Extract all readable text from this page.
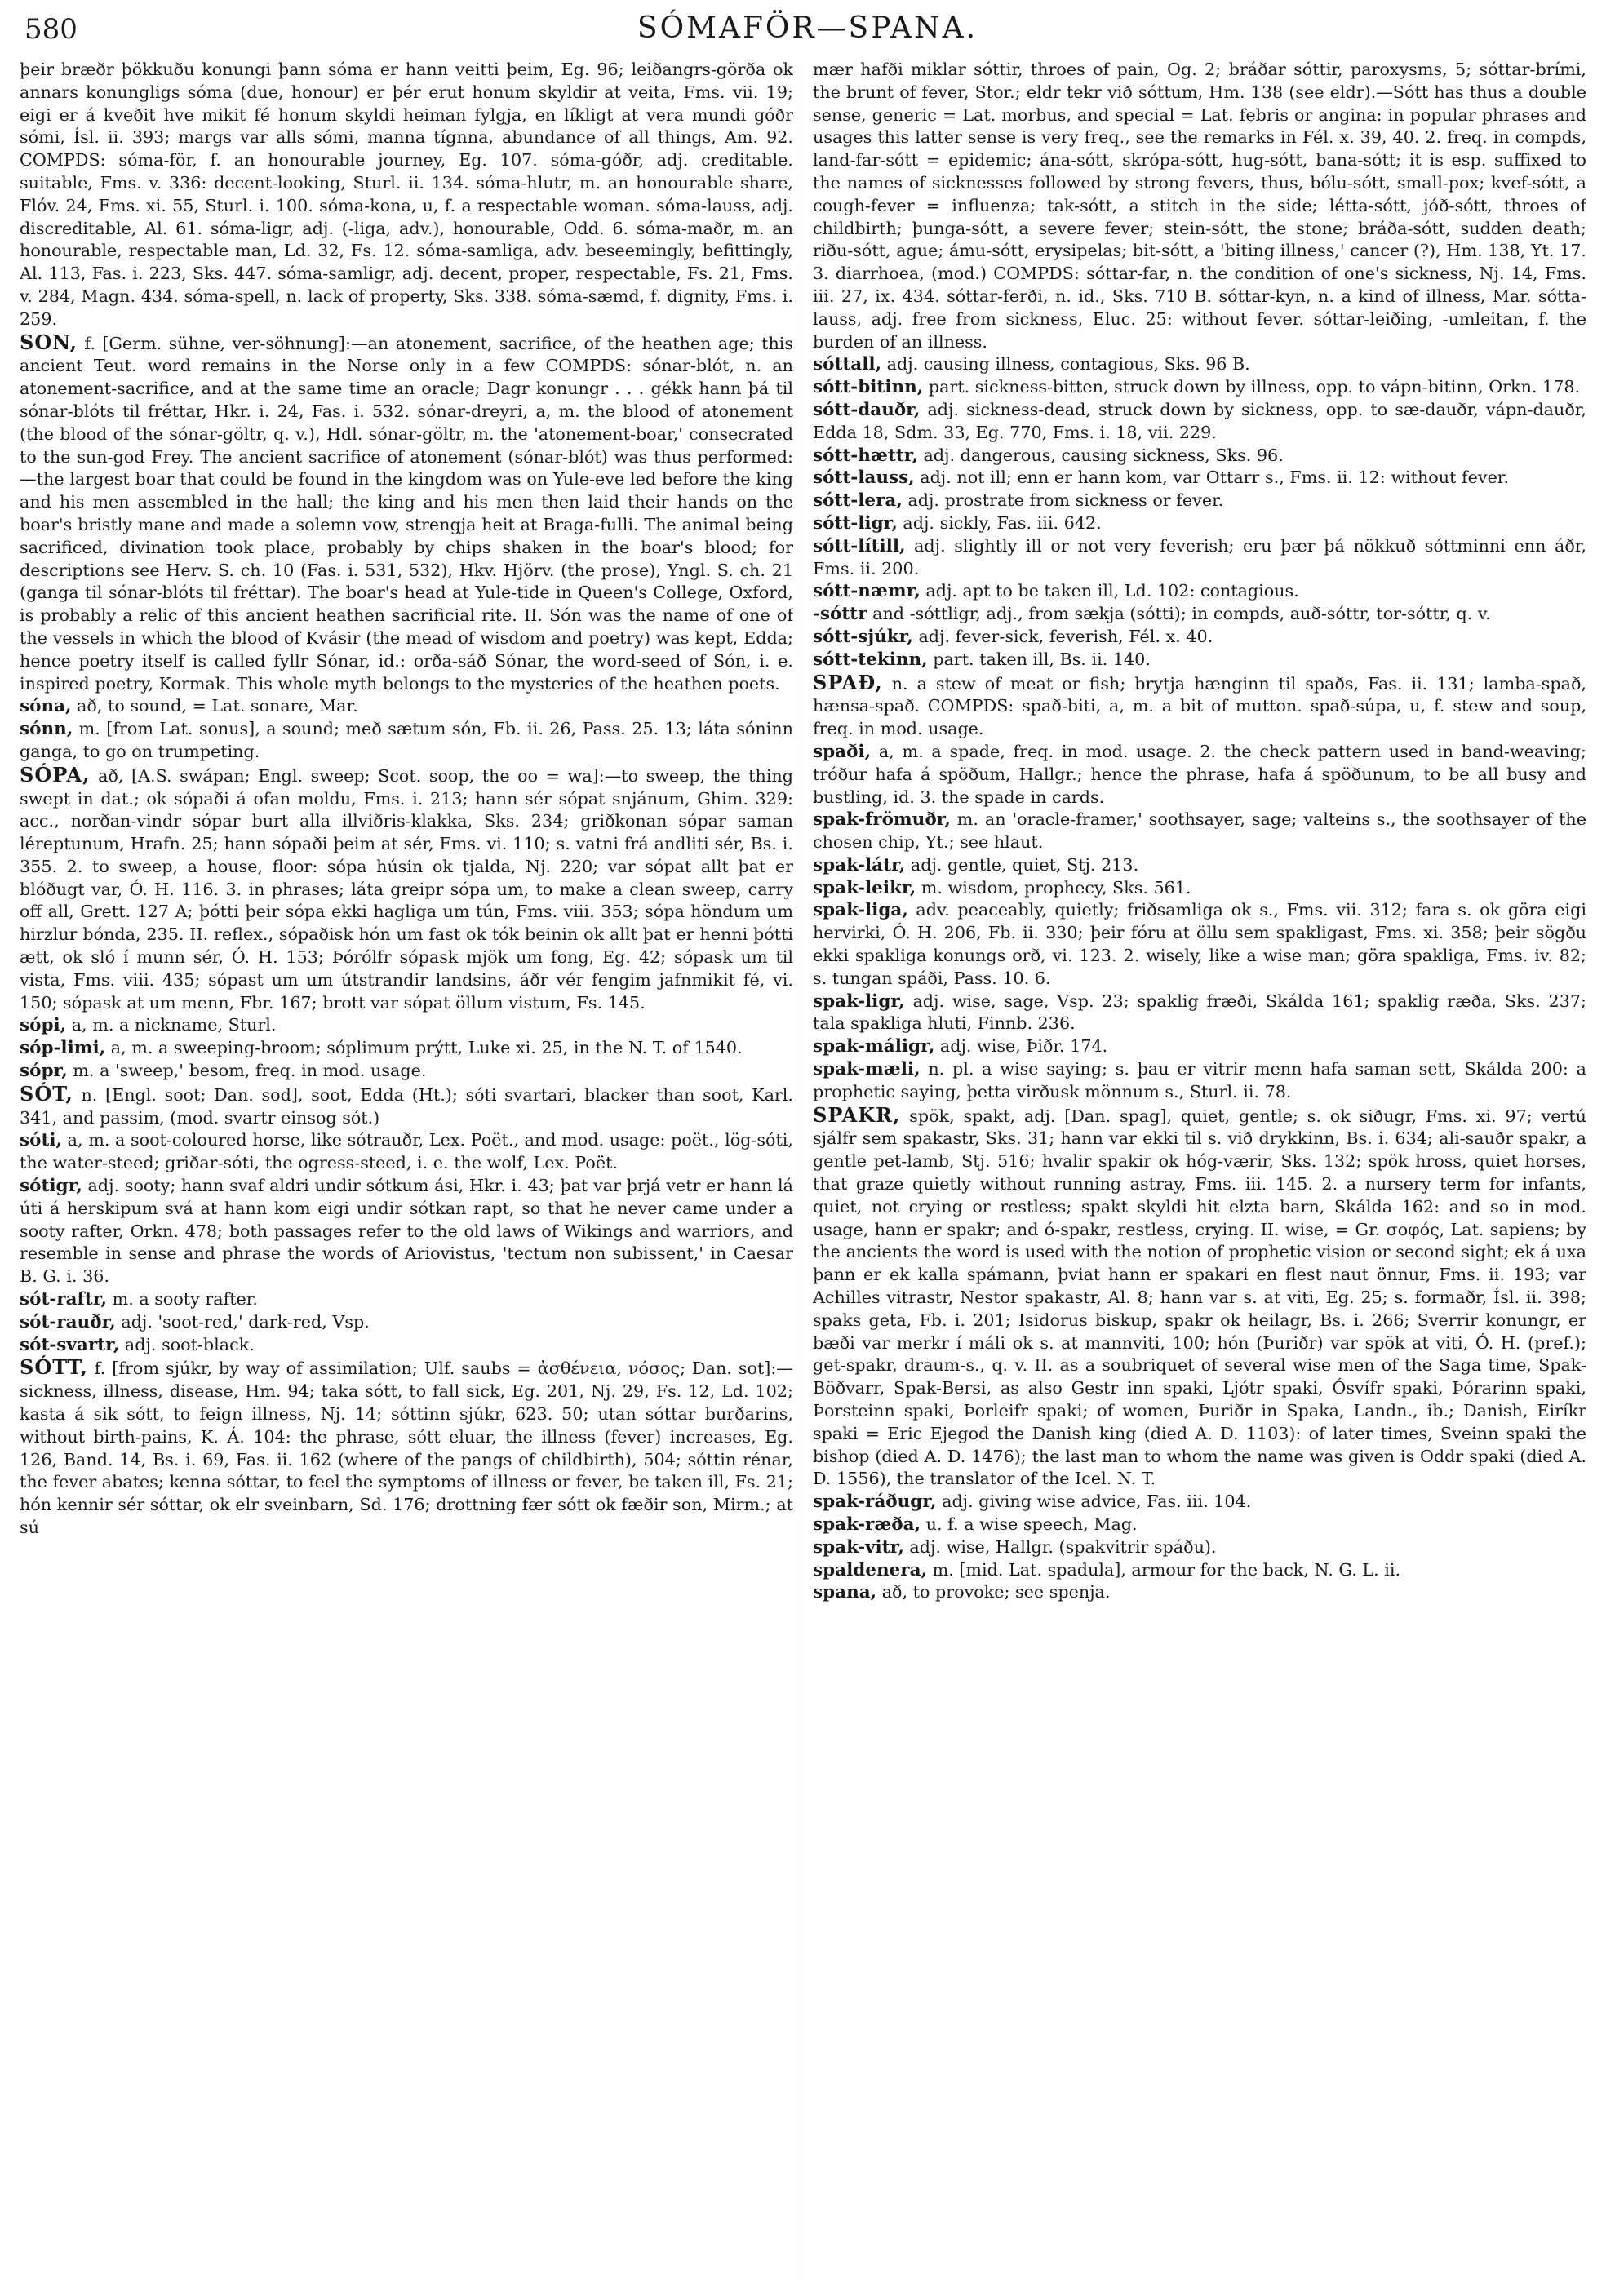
580	SÓMAFÖR—SPANA.

þeir bræðr þökkuðu konungi þann sóma er hann veitti þeim, Eg. 96; leiðangrs-görða ok annars konungligs sóma (due, honour) er þér erut honum skyldir at veita, Fms. vii. 19; eigi er á kveðit hve mikit fé honum skyldi heiman fylgja, en líkligt at vera mundi góðr sómi, Ísl. ii. 393; margs var alls sómi, manna tígnna, abundance of all things, Am. 92. COMPDS: sóma-för, f. an honourable journey, Eg. 107. sóma-góðr, adj. creditable. suitable, Fms. v. 336: decent-looking, Sturl. ii. 134. sóma-hlutr, m. an honourable share, Flóv. 24, Fms. xi. 55, Sturl. i. 100. sóma-kona, u, f. a respectable woman. sóma-lauss, adj. discreditable, Al. 61. sóma-ligr, adj. (-liga, adv.), honourable, Odd. 6. sóma-maðr, m. an honourable, respectable man, Ld. 32, Fs. 12. sóma-samliga, adv. beseemingly, befittingly, Al. 113, Fas. i. 223, Sks. 447. sóma-samligr, adj. decent, proper, respectable, Fs. 21, Fms. v. 284, Magn. 434. sóma-spell, n. lack of property, Sks. 338. sóma-sæmd, f. dignity, Fms. i. 259.

SON, f. [Germ. sühne, ver-söhnung]:—an atonement, sacrifice, of the heathen age; this ancient Teut. word remains in the Norse only in a few COMPDS: sónar-blót, n. an atonement-sacrifice, and at the same time an oracle; Dagr konungr . . . gékk hann þá til sónar-blóts til fréttar, Hkr. i. 24, Fas. i. 532. sónar-dreyri, a, m. the blood of atonement (the blood of the sónar-göltr, q. v.), Hdl. sónar-göltr, m. the 'atonement-boar,' consecrated to the sun-god Frey. The ancient sacrifice of atonement (sónar-blót) was thus performed:—the largest boar that could be found in the kingdom was on Yule-eve led before the king and his men assembled in the hall; the king and his men then laid their hands on the boar's bristly mane and made a solemn vow, strengja heit at Braga-fulli. The animal being sacrificed, divination took place, probably by chips shaken in the boar's blood; for descriptions see Herv. S. ch. 10 (Fas. i. 531, 532), Hkv. Hjörv. (the prose), Yngl. S. ch. 21 (ganga til sónar-blóts til fréttar). The boar's head at Yule-tide in Queen's College, Oxford, is probably a relic of this ancient heathen sacrificial rite. II. Són was the name of one of the vessels in which the blood of Kvásir (the mead of wisdom and poetry) was kept, Edda; hence poetry itself is called fyllr Sónar, id.: orða-sáð Sónar, the word-seed of Són, i. e. inspired poetry, Kormak. This whole myth belongs to the mysteries of the heathen poets.

sóna, að, to sound, = Lat. sonare, Mar.

sónn, m. [from Lat. sonus], a sound; með sætum són, Fb. ii. 26, Pass. 25. 13; láta sóninn ganga, to go on trumpeting.

SÓPA, að, [A.S. swápan; Engl. sweep; Scot. soop, the oo = wa]:—to sweep, the thing swept in dat.; ok sópaði á ofan moldu, Fms. i. 213; hann sér sópat snjánum, Ghim. 329: acc., norðan-vindr sópar burt alla illviðris-klakka, Sks. 234; griðkonan sópar saman léreptunum, Hrafn. 25; hann sópaði þeim at sér, Fms. vi. 110; s. vatni frá andliti sér, Bs. i. 355. 2. to sweep, a house, floor: sópa húsin ok tjalda, Nj. 220; var sópat allt þat er blóðugt var, Ó. H. 116. 3. in phrases; láta greipr sópa um, to make a clean sweep, carry off all, Grett. 127 A; þótti þeir sópa ekki hagliga um tún, Fms. viii. 353; sópa höndum um hirzlur bónda, 235. II. reflex., sópaðisk hón um fast ok tók beinin ok allt þat er henni þótti ætt, ok sló í munn sér, Ó. H. 153; Þórólfr sópask mjök um fong, Eg. 42; sópask um til vista, Fms. viii. 435; sópast um um útstrandir landsins, áðr vér fengim jafnmikit fé, vi. 150; sópask at um menn, Fbr. 167; brott var sópat öllum vistum, Fs. 145.

sópi, a, m. a nickname, Sturl.

sóp-limi, a, m. a sweeping-broom; sóplimum prýtt, Luke xi. 25, in the N. T. of 1540.

sópr, m. a 'sweep,' besom, freq. in mod. usage.

SÓT, n. [Engl. soot; Dan. sod], soot, Edda (Ht.); sóti svartari, blacker than soot, Karl. 341, and passim, (mod. svartr einsog sót.)

sóti, a, m. a soot-coloured horse, like sótrauðr, Lex. Poët., and mod. usage: poët., lög-sóti, the water-steed; griðar-sóti, the ogress-steed, i. e. the wolf, Lex. Poët.

sótigr, adj. sooty; hann svaf aldri undir sótkum ási, Hkr. i. 43; þat var þrjá vetr er hann lá úti á herskipum svá at hann kom eigi undir sótkan rapt, so that he never came under a sooty rafter, Orkn. 478; both passages refer to the old laws of Wikings and warriors, and resemble in sense and phrase the words of Ariovistus, 'tectum non subissent,' in Caesar B. G. i. 36.

sót-raftr, m. a sooty rafter.

sót-rauðr, adj. 'soot-red,' dark-red, Vsp.

sót-svartr, adj. soot-black.

SÓTT, f. [from sjúkr, by way of assimilation; Ulf. saubs = ἀσθένεια, νόσος; Dan. sot]:—sickness, illness, disease, Hm. 94; taka sótt, to fall sick, Eg. 201, Nj. 29, Fs. 12, Ld. 102; kasta á sik sótt, to feign illness, Nj. 14; sóttinn sjúkr, 623. 50; utan sóttar burðarins, without birth-pains, K. Á. 104: the phrase, sótt eluar, the illness (fever) increases, Eg. 126, Band. 14, Bs. i. 69, Fas. ii. 162 (where of the pangs of childbirth), 504; sóttin rénar, the fever abates; kenna sóttar, to feel the symptoms of illness or fever, be taken ill, Fs. 21; hón kennir sér sóttar, ok elr sveinbarn, Sd. 176; drottning fær sótt ok fæðir son, Mirm.; at sú

mær hafði miklar sóttir, throes of pain, Og. 2; bráðar sóttir, paroxysms, 5; sóttar-brími, the brunt of fever, Stor.; eldr tekr við sóttum, Hm. 138 (see eldr).—Sótt has thus a double sense, generic = Lat. morbus, and special = Lat. febris or angina: in popular phrases and usages this latter sense is very freq., see the remarks in Fél. x. 39, 40. 2. freq. in compds, land-far-sótt = epidemic; ána-sótt, skrópa-sótt, hug-sótt, bana-sótt; it is esp. suffixed to the names of sicknesses followed by strong fevers, thus, bólu-sótt, small-pox; kvef-sótt, a cough-fever = influenza; tak-sótt, a stitch in the side; létta-sótt, jóð-sótt, throes of childbirth; þunga-sótt, a severe fever; stein-sótt, the stone; bráða-sótt, sudden death; riðu-sótt, ague; ámu-sótt, erysipelas; bit-sótt, a 'biting illness,' cancer (?), Hm. 138, Yt. 17. 3. diarrhoea, (mod.) COMPDS: sóttar-far, n. the condition of one's sickness, Nj. 14, Fms. iii. 27, ix. 434. sóttar-ferði, n. id., Sks. 710 B. sóttar-kyn, n. a kind of illness, Mar. sótta-lauss, adj. free from sickness, Eluc. 25: without fever. sóttar-leiðing, -umleitan, f. the burden of an illness.

sóttall, adj. causing illness, contagious, Sks. 96 B.

sótt-bitinn, part. sickness-bitten, struck down by illness, opp. to vápn-bitinn, Orkn. 178.

sótt-dauðr, adj. sickness-dead, struck down by sickness, opp. to sæ-dauðr, vápn-dauðr, Edda 18, Sdm. 33, Eg. 770, Fms. i. 18, vii. 229.

sótt-hættr, adj. dangerous, causing sickness, Sks. 96.

sótt-lauss, adj. not ill; enn er hann kom, var Ottarr s., Fms. ii. 12: without fever.

sótt-lera, adj. prostrate from sickness or fever.

sótt-ligr, adj. sickly, Fas. iii. 642.

sótt-lítill, adj. slightly ill or not very feverish; eru þær þá nökkuð sóttminni enn áðr, Fms. ii. 200.

sótt-næmr, adj. apt to be taken ill, Ld. 102: contagious.

-sóttr and -sóttligr, adj., from sækja (sótti); in compds, auð-sóttr, tor-sóttr, q. v.

sótt-sjúkr, adj. fever-sick, feverish, Fél. x. 40.

sótt-tekinn, part. taken ill, Bs. ii. 140.

SPAÐ, n. a stew of meat or fish; brytja hænginn til spaðs, Fas. ii. 131; lamba-spað, hænsa-spað. COMPDS: spað-biti, a, m. a bit of mutton. spað-súpa, u, f. stew and soup, freq. in mod. usage.

spaði, a, m. a spade, freq. in mod. usage. 2. the check pattern used in band-weaving; tróður hafa á spöðum, Hallgr.; hence the phrase, hafa á spöðunum, to be all busy and bustling, id. 3. the spade in cards.

spak-frömuðr, m. an 'oracle-framer,' soothsayer, sage; valteins s., the soothsayer of the chosen chip, Yt.; see hlaut.

spak-látr, adj. gentle, quiet, Stj. 213.

spak-leikr, m. wisdom, prophecy, Sks. 561.

spak-liga, adv. peaceably, quietly; friðsamliga ok s., Fms. vii. 312; fara s. ok göra eigi hervirki, Ó. H. 206, Fb. ii. 330; þeir fóru at öllu sem spakligast, Fms. xi. 358; þeir sögðu ekki spakliga konungs orð, vi. 123. 2. wisely, like a wise man; göra spakliga, Fms. iv. 82; s. tungan spáði, Pass. 10. 6.

spak-ligr, adj. wise, sage, Vsp. 23; spaklig fræði, Skálda 161; spaklig ræða, Sks. 237; tala spakliga hluti, Finnb. 236.

spak-máligr, adj. wise, Þiðr. 174.

spak-mæli, n. pl. a wise saying; s. þau er vitrir menn hafa saman sett, Skálda 200: a prophetic saying, þetta virðusk mönnum s., Sturl. ii. 78.

SPAKR, spök, spakt, adj. [Dan. spag], quiet, gentle; s. ok siðugr, Fms. xi. 97; vertú sjálfr sem spakastr, Sks. 31; hann var ekki til s. við drykkinn, Bs. i. 634; ali-sauðr spakr, a gentle pet-lamb, Stj. 516; hvalir spakir ok hóg-værir, Sks. 132; spök hross, quiet horses, that graze quietly without running astray, Fms. iii. 145. 2. a nursery term for infants, quiet, not crying or restless; spakt skyldi hit elzta barn, Skálda 162: and so in mod. usage, hann er spakr; and ó-spakr, restless, crying. II. wise, = Gr. σοφός, Lat. sapiens; by the ancients the word is used with the notion of prophetic vision or second sight; ek á uxa þann er ek kalla spámann, þviat hann er spakari en flest naut önnur, Fms. ii. 193; var Achilles vitrastr, Nestor spakastr, Al. 8; hann var s. at viti, Eg. 25; s. formaðr, Ísl. ii. 398; spaks geta, Fb. i. 201; Isidorus biskup, spakr ok heilagr, Bs. i. 266; Sverrir konungr, er bæði var merkr í máli ok s. at mannviti, 100; hón (Þuriðr) var spök at viti, Ó. H. (pref.); get-spakr, draum-s., q. v. II. as a soubriquet of several wise men of the Saga time, Spak-Böðvarr, Spak-Bersi, as also Gestr inn spaki, Ljótr spaki, Ósvífr spaki, Þórarinn spaki, Þorsteinn spaki, Þorleifr spaki; of women, Þuriðr in Spaka, Landn., ib.; Danish, Eiríkr spaki = Eric Ejegod the Danish king (died A. D. 1103): of later times, Sveinn spaki the bishop (died A. D. 1476); the last man to whom the name was given is Oddr spaki (died A. D. 1556), the translator of the Icel. N. T.

spak-ráðugr, adj. giving wise advice, Fas. iii. 104.

spak-ræða, u. f. a wise speech, Mag.

spak-vitr, adj. wise, Hallgr. (spakvitrir spáðu).

spaldenera, m. [mid. Lat. spadula], armour for the back, N. G. L. ii.

spana, að, to provoke; see spenja.
